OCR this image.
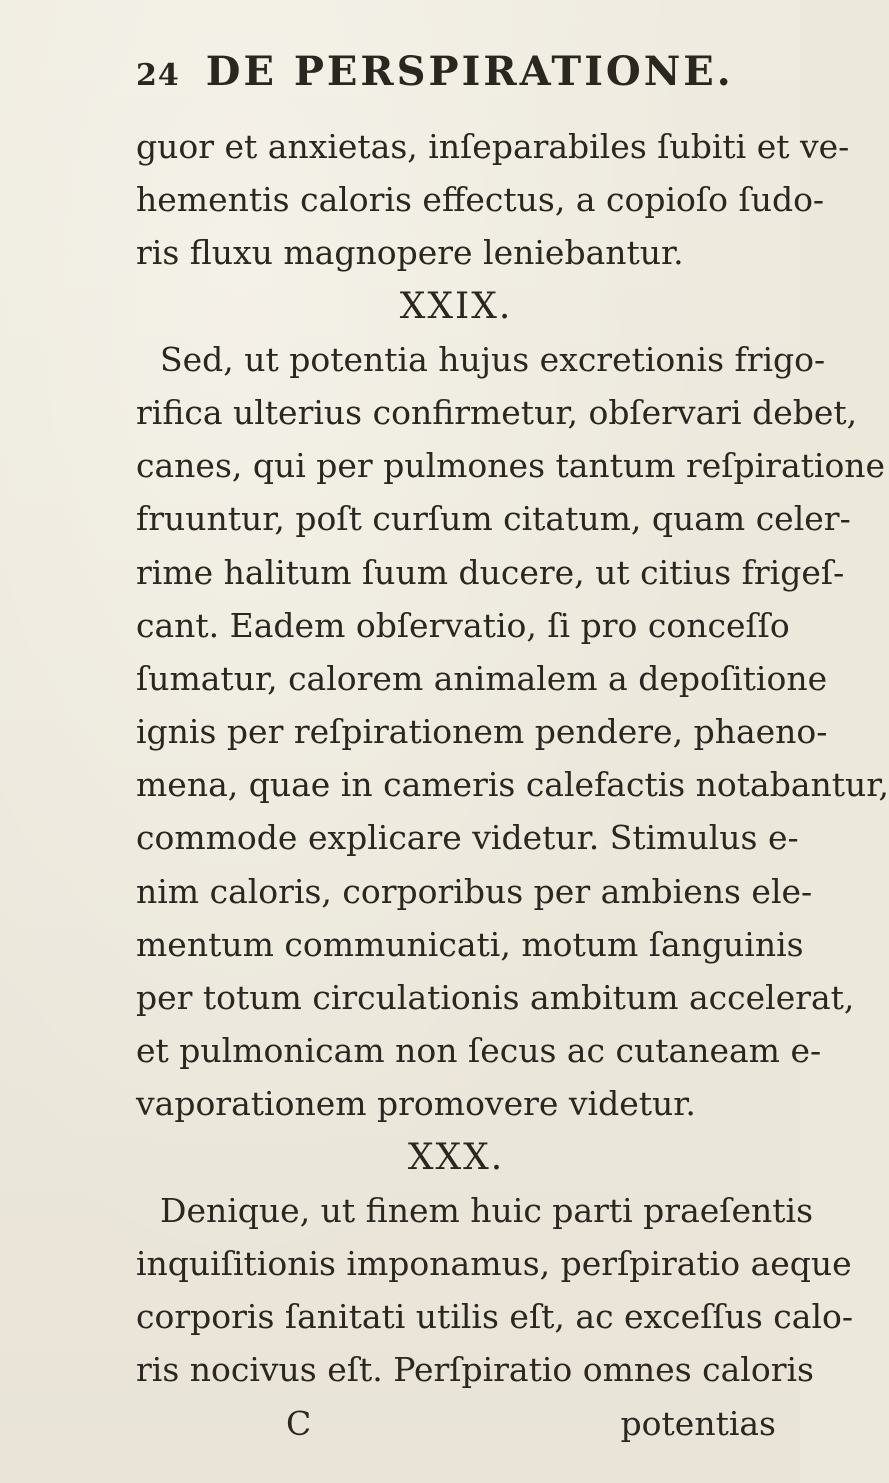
24 DE PERSPIRATIONE.
guor et anxietas, inſeparabiles ſubiti et ve-
hementis caloris effectus, a copioſo ſudo-
ris fluxu magnopere leniebantur.
XXIX.
Sed, ut potentia hujus excretionis frigo-
rifica ulterius confirmetur, obſervari debet,
canes, qui per pulmones tantum reſpiratione
fruuntur, poſt curſum citatum, quam celer-
rime halitum ſuum ducere, ut citius frigeſ-
cant. Eadem obſervatio, ſi pro conceſſo
ſumatur, calorem animalem a depoſitione
ignis per reſpirationem pendere, phaeno-
mena, quae in cameris calefactis notabantur,
commode explicare videtur. Stimulus e-
nim caloris, corporibus per ambiens ele-
mentum communicati, motum ſanguinis
per totum circulationis ambitum accelerat,
et pulmonicam non ſecus ac cutaneam e-
vaporationem promovere videtur.
XXX.
Denique, ut finem huic parti praeſentis
inquiſitionis imponamus, perſpiratio aeque
corporis ſanitati utilis eſt, ac exceſſus calo-
ris nocivus eſt. Perſpiratio omnes caloris
C	potentias
